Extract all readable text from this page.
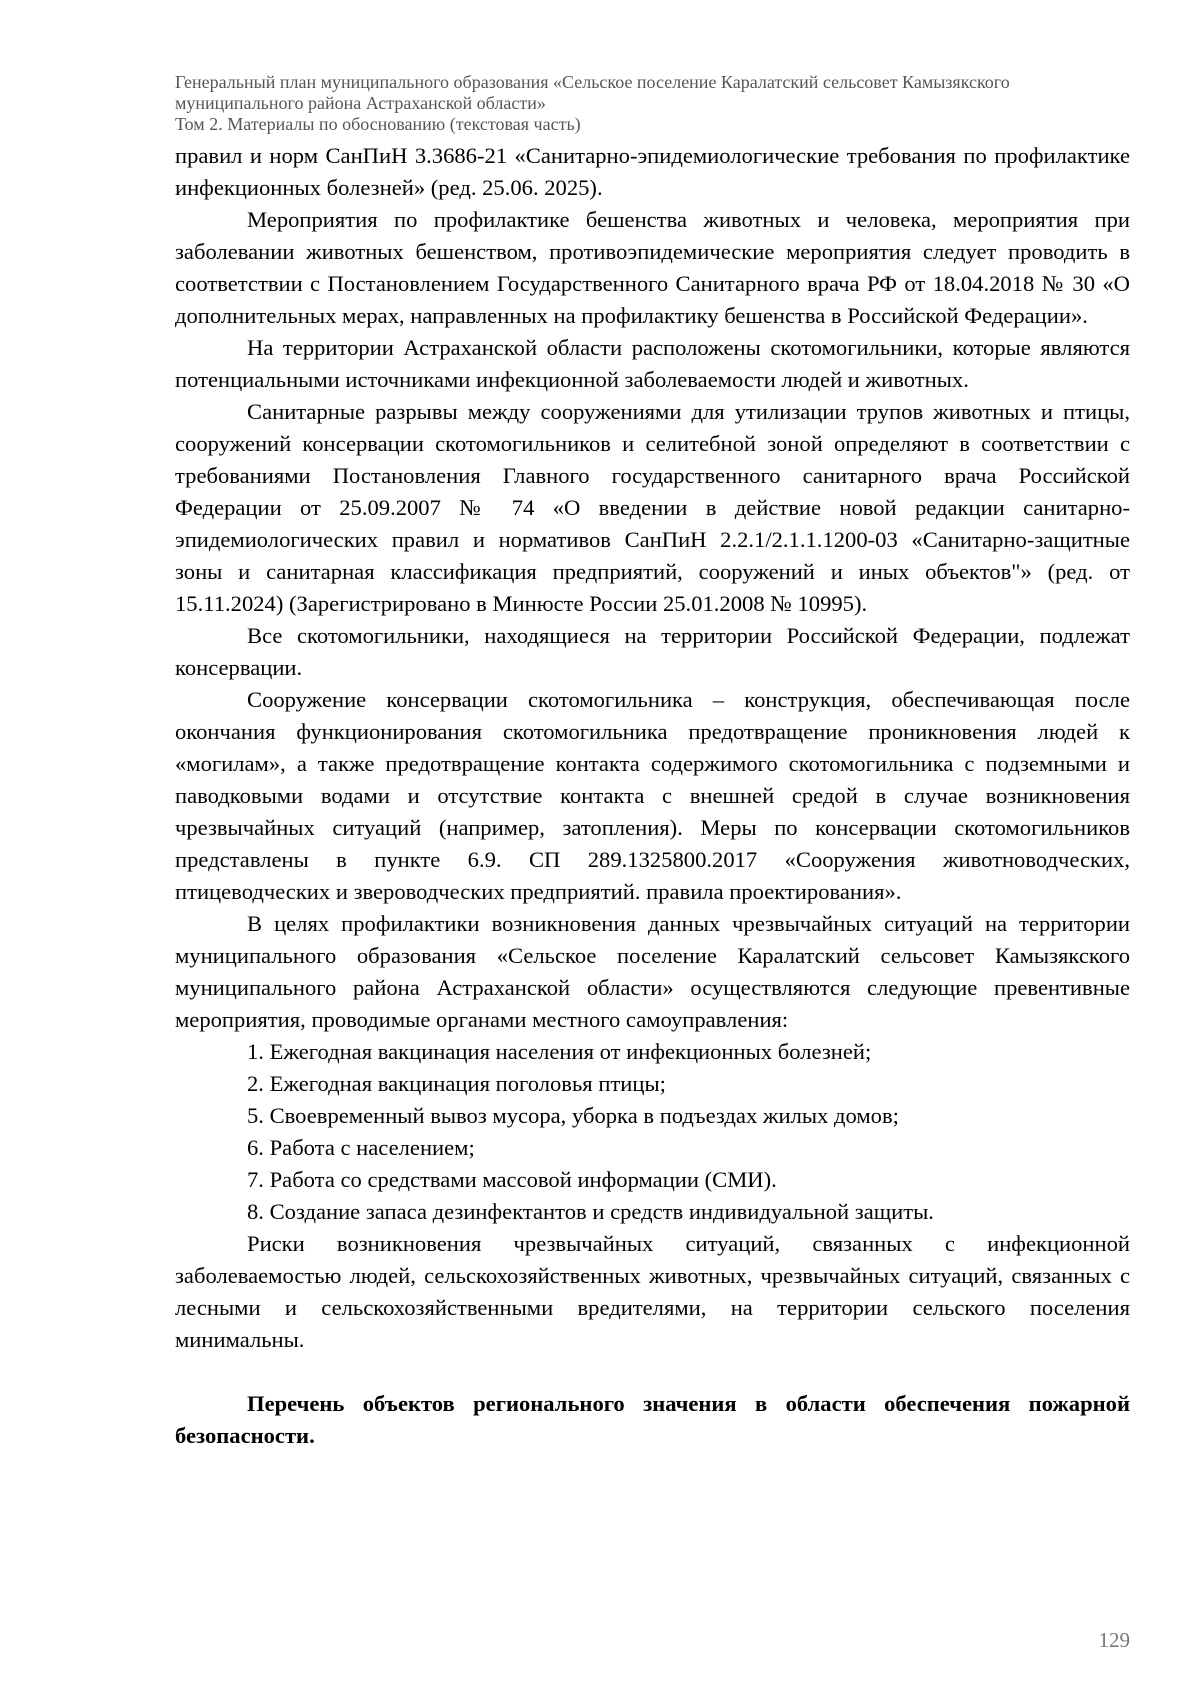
Генеральный план муниципального образования «Сельское поселение Каралатский сельсовет Камызякского
муниципального района Астраханской области»
Том 2. Материалы по обоснованию (текстовая часть)

правил и норм СанПиН 3.3686-21 «Санитарно-эпидемиологические требования по профилактике инфекционных болезней» (ред. 25.06. 2025).

Мероприятия по профилактике бешенства животных и человека, мероприятия при заболевании животных бешенством, противоэпидемические мероприятия следует проводить в соответствии с Постановлением Государственного Санитарного врача РФ от 18.04.2018 № 30 «О дополнительных мерах, направленных на профилактику бешенства в Российской Федерации».

На территории Астраханской области расположены скотомогильники, которые являются потенциальными источниками инфекционной заболеваемости людей и животных.

Санитарные разрывы между сооружениями для утилизации трупов животных и птицы, сооружений консервации скотомогильников и селитебной зоной определяют в соответствии с требованиями Постановления Главного государственного санитарного врача Российской Федерации от 25.09.2007 № 74 «О введении в действие новой редакции санитарно-эпидемиологических правил и нормативов СанПиН 2.2.1/2.1.1.1200-03 «Санитарно-защитные зоны и санитарная классификация предприятий, сооружений и иных объектов"» (ред. от 15.11.2024) (Зарегистрировано в Минюсте России 25.01.2008 № 10995).

Все скотомогильники, находящиеся на территории Российской Федерации, подлежат консервации.

Сооружение консервации скотомогильника – конструкция, обеспечивающая после окончания функционирования скотомогильника предотвращение проникновения людей к «могилам», а также предотвращение контакта содержимого скотомогильника с подземными и паводковыми водами и отсутствие контакта с внешней средой в случае возникновения чрезвычайных ситуаций (например, затопления). Меры по консервации скотомогильников представлены в пункте 6.9. СП 289.1325800.2017 «Сооружения животноводческих, птицеводческих и звероводческих предприятий. правила проектирования».

В целях профилактики возникновения данных чрезвычайных ситуаций на территории муниципального образования «Сельское поселение Каралатский сельсовет Камызякского муниципального района Астраханской области» осуществляются следующие превентивные мероприятия, проводимые органами местного самоуправления:

1. Ежегодная вакцинация населения от инфекционных болезней;

2. Ежегодная вакцинация поголовья птицы;

5. Своевременный вывоз мусора, уборка в подъездах жилых домов;

6. Работа с населением;

7. Работа со средствами массовой информации (СМИ).

8. Создание запаса дезинфектантов и средств индивидуальной защиты.

Риски возникновения чрезвычайных ситуаций, связанных с инфекционной заболеваемостью людей, сельскохозяйственных животных, чрезвычайных ситуаций, связанных с лесными и сельскохозяйственными вредителями, на территории сельского поселения минимальны.

Перечень объектов регионального значения в области обеспечения пожарной безопасности.

129
